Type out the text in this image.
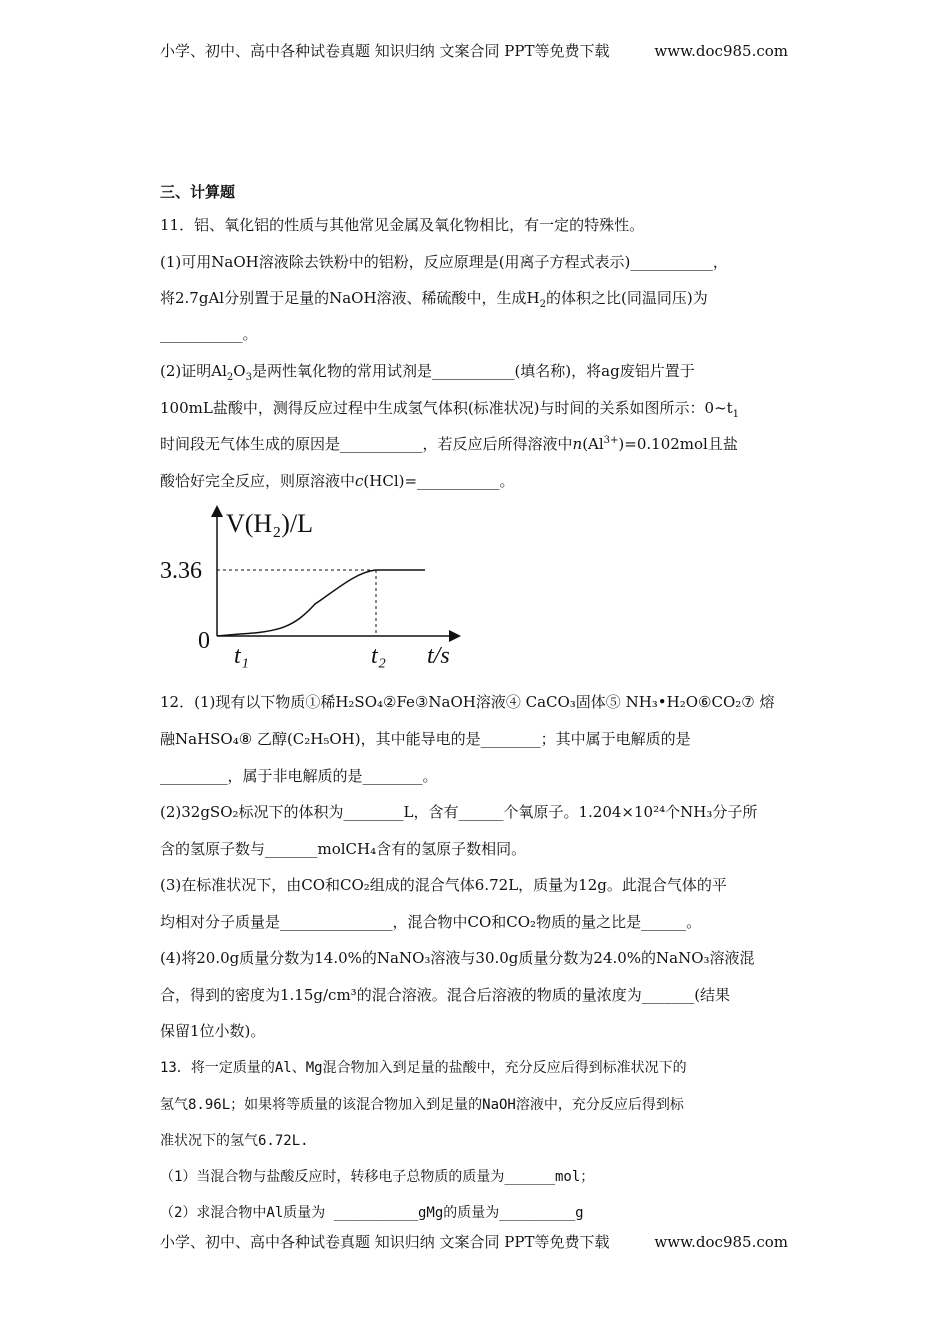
小学、初中、高中各种试卷真题 知识归纳 文案合同 PPT等免费下载	www.doc985.com
三、计算题
11．铝、氧化铝的性质与其他常见金属及氧化物相比，有一定的特殊性。
(1)可用NaOH溶液除去铁粉中的铝粉，反应原理是(用离子方程式表示)___________，
将2.7gAl分别置于足量的NaOH溶液、稀硫酸中，生成$H_2$的体积之比(同温同压)为
___________。
(2)证明$Al_2O_3$是两性氧化物的常用试剂是___________(填名称)，将ag废铝片置于
100mL盐酸中，测得反应过程中生成氢气体积(标准状况)与时间的关系如图所示：$0\sim t_1$
时间段无气体生成的原因是___________，若反应后所得溶液中$n(Al^{3+})=0.102mol$且盐
酸恰好完全反应，则原溶液中c(HCl)=___________。
V(H₂)/L
3.36
0
t₁	t₂ t/s
12．(1)现有以下物质①稀H₂SO₄②Fe③NaOH溶液④ CaCO₃固体⑤ NH₃•H₂O⑥CO₂⑦ 熔
融NaHSO₄⑧ 乙醇(C₂H₅OH)，其中能导电的是________；其中属于电解质的是
_________，属于非电解质的是________。
(2)32gSO₂标况下的体积为________L，含有______个氧原子。1.204×10²⁴个NH₃分子所
含的氢原子数与_______molCH₄含有的氢原子数相同。
(3)在标准状况下，由CO和CO₂组成的混合气体6.72L，质量为12g。此混合气体的平
均相对分子质量是_______________，混合物中CO和CO₂物质的量之比是______。
(4)将20.0g质量分数为14.0%的NaNO₃溶液与30.0g质量分数为24.0%的NaNO₃溶液混
合，得到的密度为1.15g/cm³的混合溶液。混合后溶液的物质的量浓度为_______(结果
保留1位小数)。
13．将一定质量的Al、Mg混合物加入到足量的盐酸中，充分反应后得到标准状况下的
氢气8.96L；如果将等质量的该混合物加入到足量的NaOH溶液中，充分反应后得到标
准状况下的氢气6.72L.
（1）当混合物与盐酸反应时，转移电子总物质的质量为______mol；
（2）求混合物中Al质量为 __________gMg的质量为_________g
小学、初中、高中各种试卷真题 知识归纳 文案合同 PPT等免费下载	www.doc985.com
